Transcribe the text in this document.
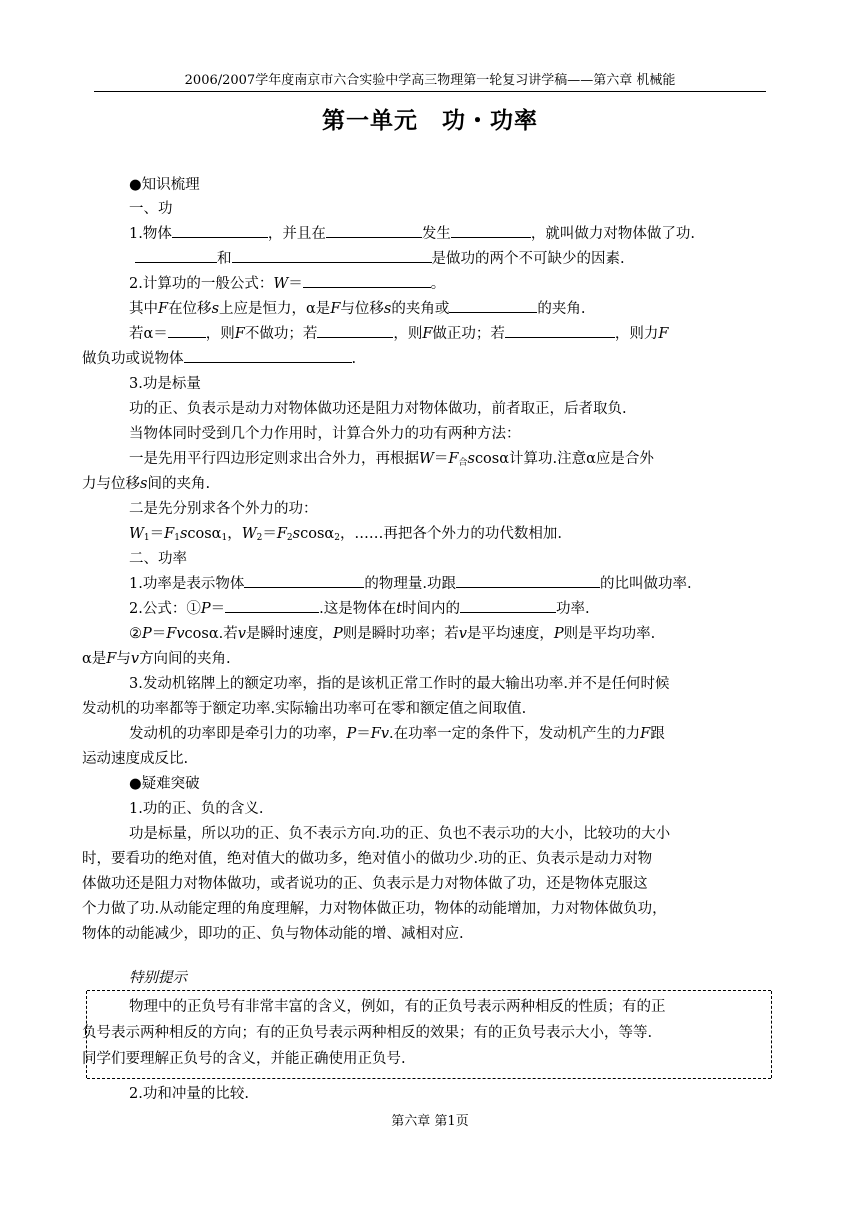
2006/2007学年度南京市六合实验中学高三物理第一轮复习讲学稿——第六章 机械能
第一单元　功・功率
●知识梳理
一、功
1.物体	，并且在	发生	，就叫做力对物体做了功.
和	是做功的两个不可缺少的因素.
2.计算功的一般公式：W＝	。
其中F在位移s上应是恒力，α是F与位移s的夹角或	的夹角.
若α＝	，则F不做功；若	，则F做正功；若	，则力F
做负功或说物体	.
3.功是标量
功的正、负表示是动力对物体做功还是阻力对物体做功，前者取正，后者取负.
当物体同时受到几个力作用时，计算合外力的功有两种方法：
一是先用平行四边形定则求出合外力，再根据$W=F_合scos\alpha$计算功.注意α应是合外
力与位移s间的夹角.
二是先分别求各个外力的功：
$W_1=F_1scos\alpha_1$，$W_2=F_2scos\alpha_2$，……再把各个外力的功代数相加.
二、功率
1.功率是表示物体	的物理量.功跟	的比叫做功率.
2.公式：①P＝	.这是物体在t时间内的	功率.
②P＝Fvcosα.若v是瞬时速度，P则是瞬时功率；若v是平均速度，P则是平均功率.
α是F与v方向间的夹角.
3.发动机铭牌上的额定功率，指的是该机正常工作时的最大输出功率.并不是任何时候
发动机的功率都等于额定功率.实际输出功率可在零和额定值之间取值.
发动机的功率即是牵引力的功率，P＝Fv.在功率一定的条件下，发动机产生的力F跟
运动速度成反比.
●疑难突破
1.功的正、负的含义.
功是标量，所以功的正、负不表示方向.功的正、负也不表示功的大小，比较功的大小
时，要看功的绝对值，绝对值大的做功多，绝对值小的做功少.功的正、负表示是动力对物
体做功还是阻力对物体做功，或者说功的正、负表示是力对物体做了功，还是物体克服这
个力做了功.从动能定理的角度理解，力对物体做正功，物体的动能增加，力对物体做负功，
物体的动能减少，即功的正、负与物体动能的增、减相对应.
特别提示
物理中的正负号有非常丰富的含义，例如，有的正负号表示两种相反的性质；有的正
负号表示两种相反的方向；有的正负号表示两种相反的效果；有的正负号表示大小，等等.
同学们要理解正负号的含义，并能正确使用正负号.
2.功和冲量的比较.
第六章 第1页
